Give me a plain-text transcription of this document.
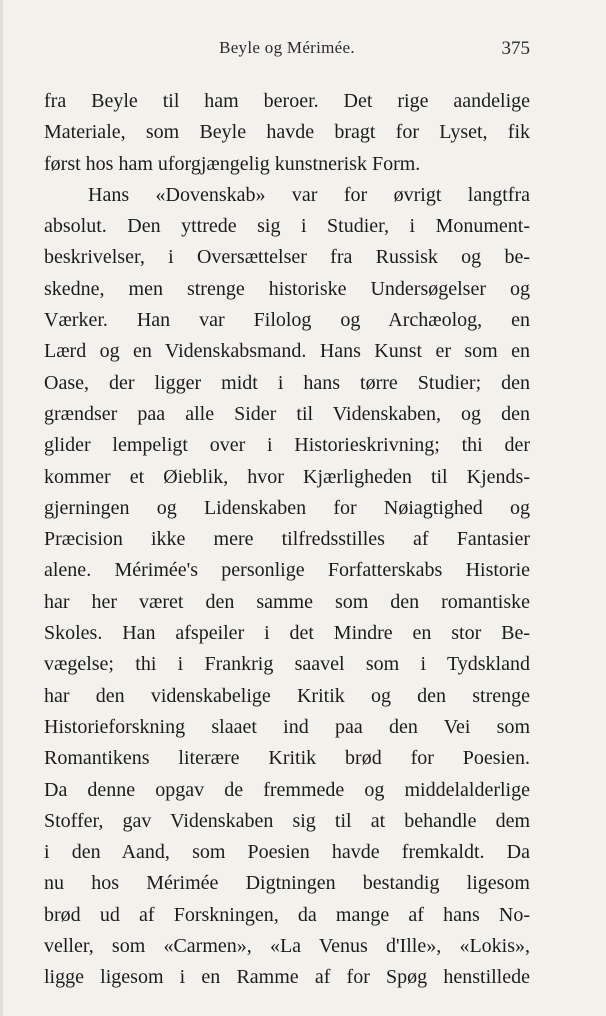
Beyle og Mérimée.	375
fra Beyle til ham beroer. Det rige aandelige
Materiale, som Beyle havde bragt for Lyset, fik
først hos ham uforgjængelig kunstnerisk Form.
Hans «Dovenskab» var for øvrigt langtfra
absolut. Den yttrede sig i Studier, i Monument-
beskrivelser, i Oversættelser fra Russisk og be-
skedne, men strenge historiske Undersøgelser og
Værker. Han var Filolog og Archæolog, en
Lærd og en Videnskabsmand. Hans Kunst er som en
Oase, der ligger midt i hans tørre Studier; den
grændser paa alle Sider til Videnskaben, og den
glider lempeligt over i Historieskrivning; thi der
kommer et Øieblik, hvor Kjærligheden til Kjends-
gjerningen og Lidenskaben for Nøiagtighed og
Præcision ikke mere tilfredsstilles af Fantasier
alene. Mérimée's personlige Forfatterskabs Historie
har her været den samme som den romantiske
Skoles. Han afspeiler i det Mindre en stor Be-
vægelse; thi i Frankrig saavel som i Tydskland
har den videnskabelige Kritik og den strenge
Historieforskning slaaet ind paa den Vei som
Romantikens literære Kritik brød for Poesien.
Da denne opgav de fremmede og middelalderlige
Stoffer, gav Videnskaben sig til at behandle dem
i den Aand, som Poesien havde fremkaldt. Da
nu hos Mérimée Digtningen bestandig ligesom
brød ud af Forskningen, da mange af hans No-
veller, som «Carmen», «La Venus d'Ille», «Lokis»,
ligge ligesom i en Ramme af for Spøg henstillede
